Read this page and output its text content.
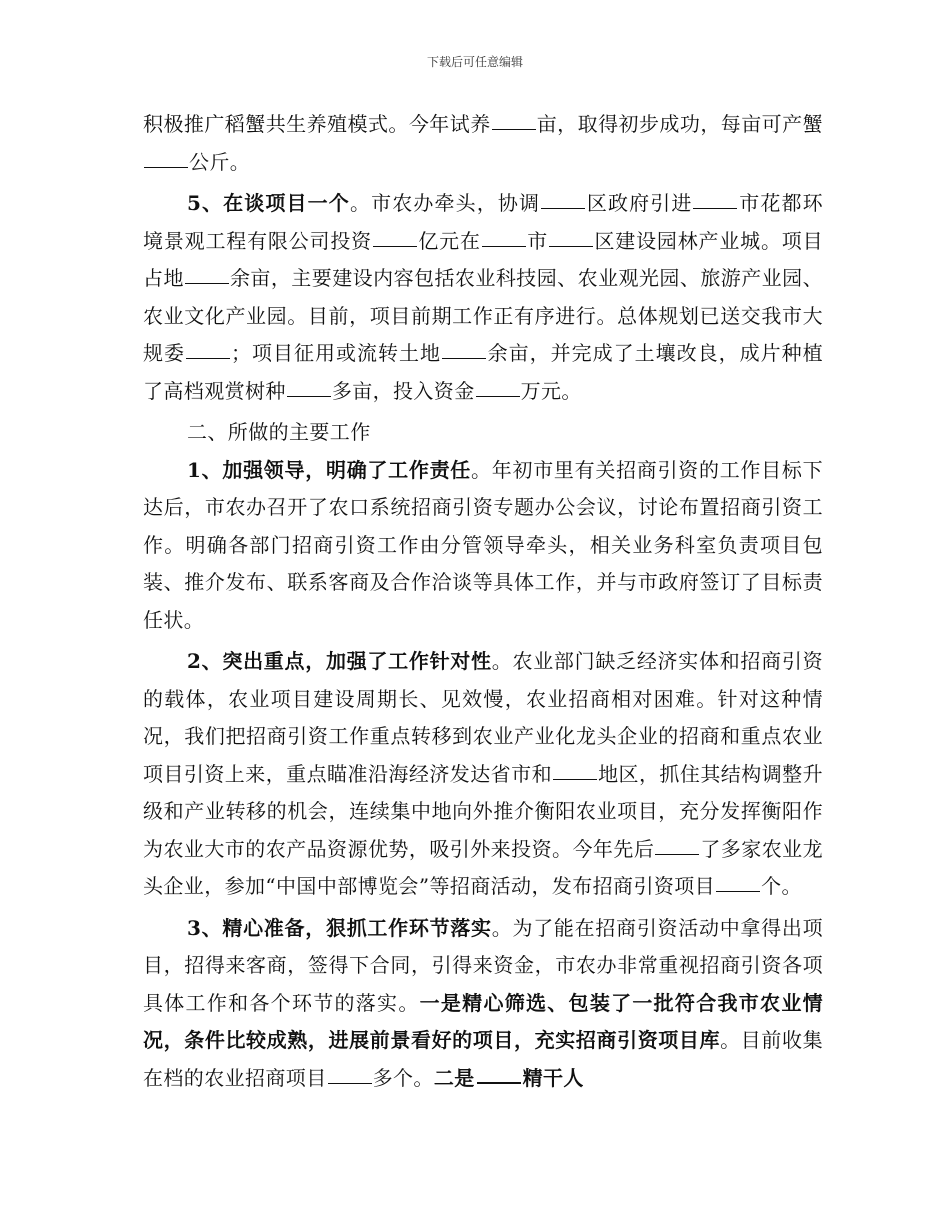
下载后可任意编辑

积极推广稻蟹共生养殖模式。今年试养 亩，取得初步成功，每亩可产蟹公斤。

5、在谈项目一个。市农办牵头，协调 区政府引进 市花都环境景观工程有限公司投资 亿元在 市 区建设园林产业城。项目占地 余亩，主要建设内容包括农业科技园、农业观光园、旅游产业园、农业文化产业园。目前，项目前期工作正有序进行。总体规划已送交我市大规委 ；项目征用或流转土地 余亩，并完成了土壤改良，成片种植了高档观赏树种 多亩，投入资金 万元。

二、所做的主要工作

1、加强领导，明确了工作责任。年初市里有关招商引资的工作目标下达后，市农办召开了农口系统招商引资专题办公会议，讨论布置招商引资工作。明确各部门招商引资工作由分管领导牵头，相关业务科室负责项目包装、推介发布、联系客商及合作洽谈等具体工作，并与市政府签订了目标责任状。

2、突出重点，加强了工作针对性。农业部门缺乏经济实体和招商引资的载体，农业项目建设周期长、见效慢，农业招商相对困难。针对这种情况，我们把招商引资工作重点转移到农业产业化龙头企业的招商和重点农业项目引资上来，重点瞄准沿海经济发达省市和 地区，抓住其结构调整升级和产业转移的机会，连续集中地向外推介衡阳农业项目，充分发挥衡阳作为农业大市的农产品资源优势，吸引外来投资。今年先后 了多家农业龙头企业，参加“中国中部博览会”等招商活动，发布招商引资项目 个。

3、精心准备，狠抓工作环节落实。为了能在招商引资活动中拿得出项目，招得来客商，签得下合同，引得来资金，市农办非常重视招商引资各项具体工作和各个环节的落实。一是精心筛选、包装了一批符合我市农业情况，条件比较成熟，进展前景看好的项目，充实招商引资项目库。目前收集在档的农业招商项目 多个。二是 精干人
